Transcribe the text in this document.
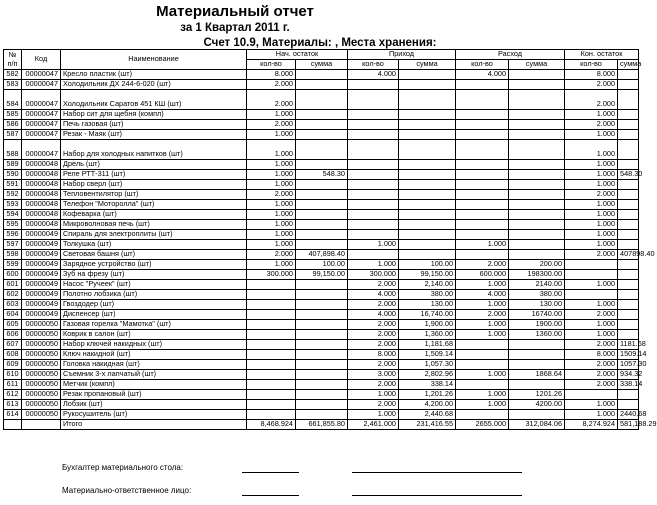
Материальный отчет
за 1 Квартал 2011 г.
Счет 10.9, Материалы: , Места хранения:
№ п/п	Код	Наименование	Нач. остаток		Приход		Расход		Кон. остаток	
			кол-во	сумма	кол-во	сумма	кол-во	сумма	кол-во	сумма
582	00000047	Кресло пластик (шт)	8.000		4.000		4.000		8.000	
583	00000047	Холодильник ДХ 244-6-020 (шт)	2.000						2.000	
584	00000047	Холодильник Саратов 451 КШ (шт)	2.000						2.000	
585	00000047	Набор сит для щебня (компл)	1.000						1.000	
586	00000047	Печь газовая (шт)	2.000						2.000	
587	00000047	Резак - Маяк (шт)	1.000						1.000	
588	00000047	Набор для холодных напитков (шт)	1.000						1.000	
589	00000048	Дрель (шт)	1.000						1.000	
590	00000048	Реле РТТ-311 (шт)	1.000	548.30					1.000	548.30
591	00000048	Набор сверл (шт)	1.000						1.000	
592	00000048	Тепловентилятор (шт)	2.000						2.000	
593	00000048	Телефон "Моторолла" (шт)	1.000						1.000	
594	00000048	Кофеварка (шт)	1.000						1.000	
595	00000048	Микроволновая печь (шт)	1.000						1.000	
596	00000049	Спираль для электроплиты (шт)	1.000						1.000	
597	00000049	Толкушка (шт)	1.000		1.000		1.000		1.000	
598	00000049	Световая башня (шт)	2.000	407,898.40					2.000	407898.40
599	00000049	Зарядное устройство (шт)	1.000	100.00	1.000	100.00	2.000	200.00		
600	00000049	Зуб на фрезу (шт)	300.000	99,150.00	300.000	99,150.00	600.000	198300.00		
601	00000049	Насос "Ручеек" (шт)			2.000	2,140.00	1.000	2140.00	1.000	
602	00000049	Полотно лобзика (шт)			4.000	380.00	4.000	380.00		
603	00000049	Гвоздодер (шт)			2.000	130.00	1.000	130.00	1.000	
604	00000049	Диспенсер (шт)			4.000	16,740.00	2.000	16740.00	2.000	
605	00000050	Газовая горелка "Мамотка" (шт)			2.000	1,900.00	1.000	1900.00	1.000	
606	00000050	Коврик в салон (шт)			2.000	1,360.00	1.000	1360.00	1.000	
607	00000050	Набор ключей накидных (шт)			2.000	1,181.68			2.000	1181.68
608	00000050	Ключ накидной (шт)			8.000	1,509.14			8.000	1509.14
609	00000050	Головка накидная (шт)			2.000	1,057.30			2.000	1057.30
610	00000050	Съемник 3-х лапчатый (шт)			3.000	2,802.96	1.000	1868.64	2.000	934.32
611	00000050	Метчик (компл)			2.000	338.14			2.000	338.14
612	00000050	Резак пропановый (шт)			1.000	1,201.26	1.000	1201.26		
613	00000050	Лобзик (шт)			2.000	4,200.00	1.000	4200.00	1.000	
614	00000050	Рукосушитель (шт)			1.000	2,440.68			1.000	2440.68
		Итого	8,468.924	661,855.80	2,461.000	231,416.55	2655.000	312,084.06	8,274.924	581,188.29
Бухгалтер материального стола:
Материально-ответственное лицо:
